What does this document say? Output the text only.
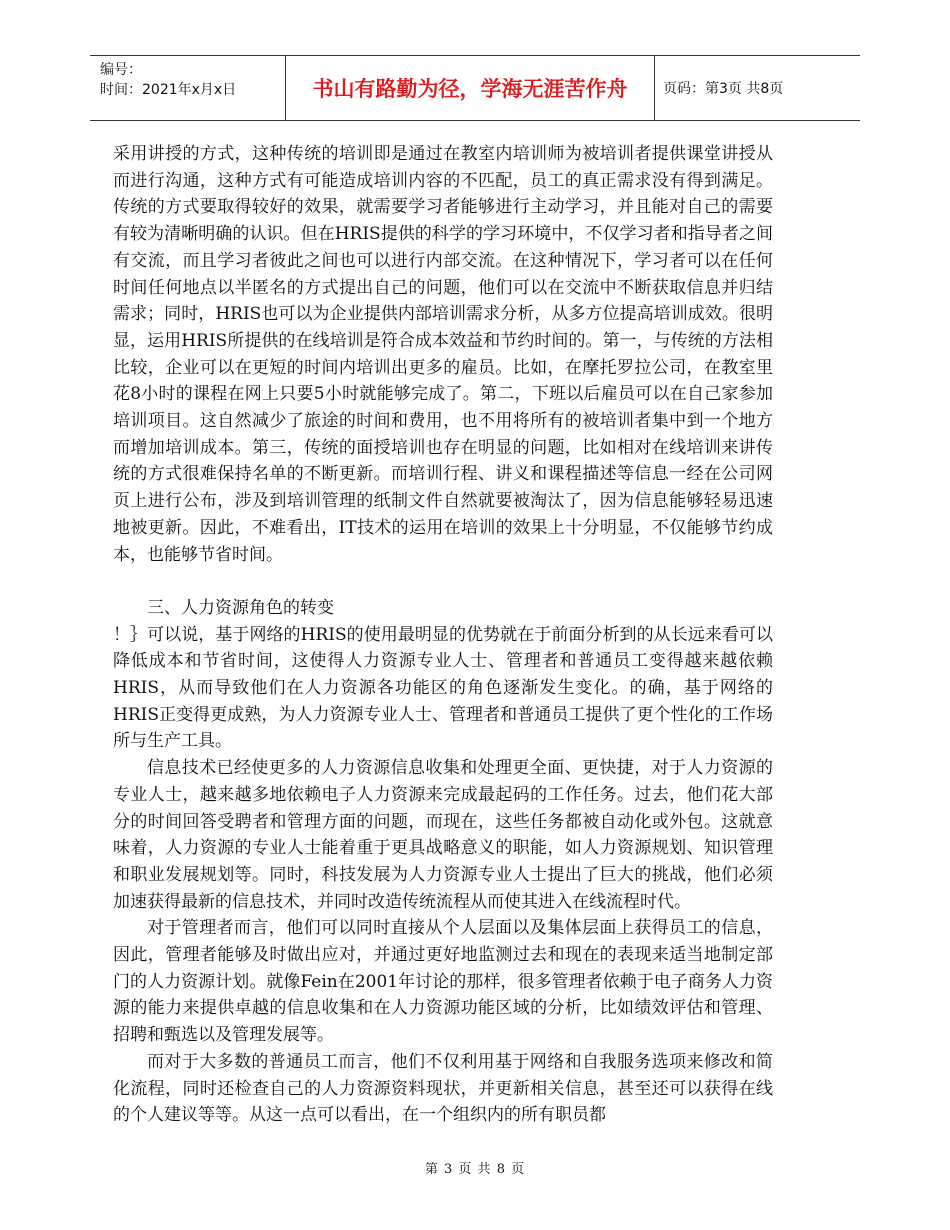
编号：
时间：2021年x月x日	书山有路勤为径，学海无涯苦作舟	页码：第3页 共8页

采用讲授的方式，这种传统的培训即是通过在教室内培训师为被培训者提供课堂讲授从而进行沟通，这种方式有可能造成培训内容的不匹配，员工的真正需求没有得到满足。传统的方式要取得较好的效果，就需要学习者能够进行主动学习，并且能对自己的需要有较为清晰明确的认识。但在HRIS提供的科学的学习环境中，不仅学习者和指导者之间有交流，而且学习者彼此之间也可以进行内部交流。在这种情况下，学习者可以在任何时间任何地点以半匿名的方式提出自己的问题，他们可以在交流中不断获取信息并归结需求；同时，HRIS也可以为企业提供内部培训需求分析，从多方位提高培训成效。很明显，运用HRIS所提供的在线培训是符合成本效益和节约时间的。第一，与传统的方法相比较，企业可以在更短的时间内培训出更多的雇员。比如，在摩托罗拉公司，在教室里花8小时的课程在网上只要5小时就能够完成了。第二，下班以后雇员可以在自己家参加培训项目。这自然减少了旅途的时间和费用，也不用将所有的被培训者集中到一个地方而增加培训成本。第三，传统的面授培训也存在明显的问题，比如相对在线培训来讲传统的方式很难保持名单的不断更新。而培训行程、讲义和课程描述等信息一经在公司网页上进行公布，涉及到培训管理的纸制文件自然就要被淘汰了，因为信息能够轻易迅速地被更新。因此，不难看出，IT技术的运用在培训的效果上十分明显，不仅能够节约成本，也能够节省时间。

三、人力资源角色的转变

！｝可以说，基于网络的HRIS的使用最明显的优势就在于前面分析到的从长远来看可以降低成本和节省时间，这使得人力资源专业人士、管理者和普通员工变得越来越依赖HRIS，从而导致他们在人力资源各功能区的角色逐渐发生变化。的确，基于网络的HRIS正变得更成熟，为人力资源专业人士、管理者和普通员工提供了更个性化的工作场所与生产工具。

信息技术已经使更多的人力资源信息收集和处理更全面、更快捷，对于人力资源的专业人士，越来越多地依赖电子人力资源来完成最起码的工作任务。过去，他们花大部分的时间回答受聘者和管理方面的问题，而现在，这些任务都被自动化或外包。这就意味着，人力资源的专业人士能着重于更具战略意义的职能，如人力资源规划、知识管理和职业发展规划等。同时，科技发展为人力资源专业人士提出了巨大的挑战，他们必须加速获得最新的信息技术，并同时改造传统流程从而使其进入在线流程时代。

对于管理者而言，他们可以同时直接从个人层面以及集体层面上获得员工的信息，因此，管理者能够及时做出应对，并通过更好地监测过去和现在的表现来适当地制定部门的人力资源计划。就像Fein在2001年讨论的那样，很多管理者依赖于电子商务人力资源的能力来提供卓越的信息收集和在人力资源功能区域的分析，比如绩效评估和管理、招聘和甄选以及管理发展等。

而对于大多数的普通员工而言，他们不仅利用基于网络和自我服务选项来修改和简化流程，同时还检查自己的人力资源资料现状，并更新相关信息，甚至还可以获得在线的个人建议等等。从这一点可以看出，在一个组织内的所有职员都

第 3 页 共 8 页
